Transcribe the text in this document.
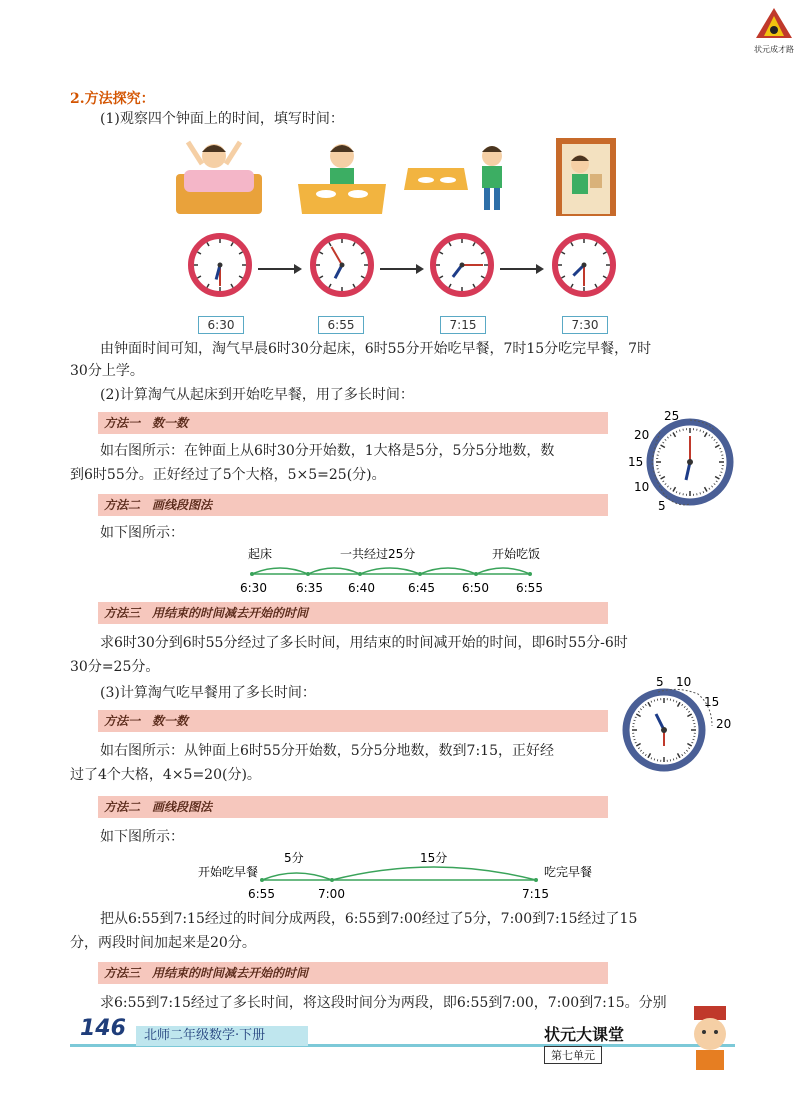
状元成才路
2.方法探究：
(1)观察四个钟面上的时间，填写时间：
6:30	6:55	7:15	7:30
由钟面时间可知，淘气早晨6时30分起床，6时55分开始吃早餐，7时15分吃完早餐，7时
30分上学。
(2)计算淘气从起床到开始吃早餐，用了多长时间：
方法一　数一数
如右图所示：在钟面上从6时30分开始数，1大格是5分，5分5分地数，数
到6时55分。正好经过了5个大格，5×5=25(分)。
25
20
15
10
5
方法二　画线段图法
如下图所示：
起床	一共经过25分	开始吃饭
6:30 6:35 6:40	6:45 6:50 6:55
方法三　用结束的时间减去开始的时间
求6时30分到6时55分经过了多长时间，用结束的时间减开始的时间，即6时55分-6时
30分=25分。
(3)计算淘气吃早餐用了多长时间：
5 10
15
20
方法一　数一数
如右图所示：从钟面上6时55分开始数，5分5分地数，数到7:15，正好经
过了4个大格，4×5=20(分)。
方法二　画线段图法
如下图所示：
开始吃早餐
5分	15分
吃完早餐
6:55	7:00	7:15
把从6:55到7:15经过的时间分成两段，6:55到7:00经过了5分，7:00到7:15经过了15
分，两段时间加起来是20分。
方法三　用结束的时间减去开始的时间
求6:55到7:15经过了多长时间，将这段时间分为两段，即6:55到7:00，7:00到7:15。分别
146	北师二年级数学·下册	状元大课堂
第七单元
